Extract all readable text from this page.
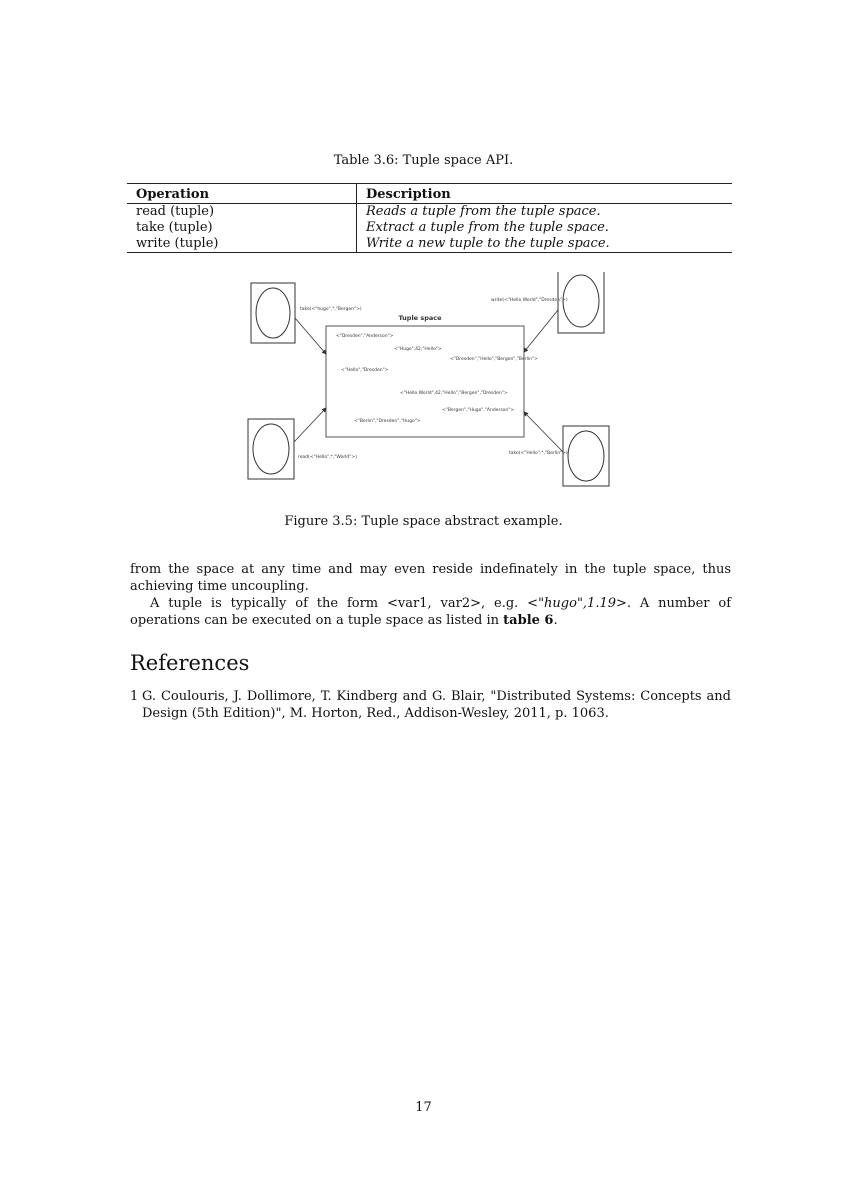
Table 3.6: Tuple space API.
Operation	Description
read (tuple)	Reads a tuple from the tuple space.
take (tuple)	Extract a tuple from the tuple space.
write (tuple)	Write a new tuple to the tuple space.
Tuple space
take(<"hugo",*,"Bergen">)
write(<"Hello World","Dresden">)
read(<"Hello",*,"World">)
take(<"Hello",*,"Berlin">)
<"Dresden","Anderson">
<"Hugo",42,"Hello">
<"Dresden","Hello","Bergen","Berlin">
<"Hello","Dresden">
<"Hello World",42,"Hello","Bergen","Dresden">
<"Bergen","Hugo","Anderson">
<"Berlin","Dresden","Hugo">
Figure 3.5: Tuple space abstract example.
from the space at any time and may even reside indefinately in the tuple space, thus achieving time uncoupling.
A tuple is typically of the form <var1, var2>, e.g. <"hugo",1.19>. A number of operations can be executed on a tuple space as listed in table 6.
References
1 G. Coulouris, J. Dollimore, T. Kindberg and G. Blair, "Distributed Systems: Concepts and Design (5th Edition)", M. Horton, Red., Addison-Wesley, 2011, p. 1063.
17
